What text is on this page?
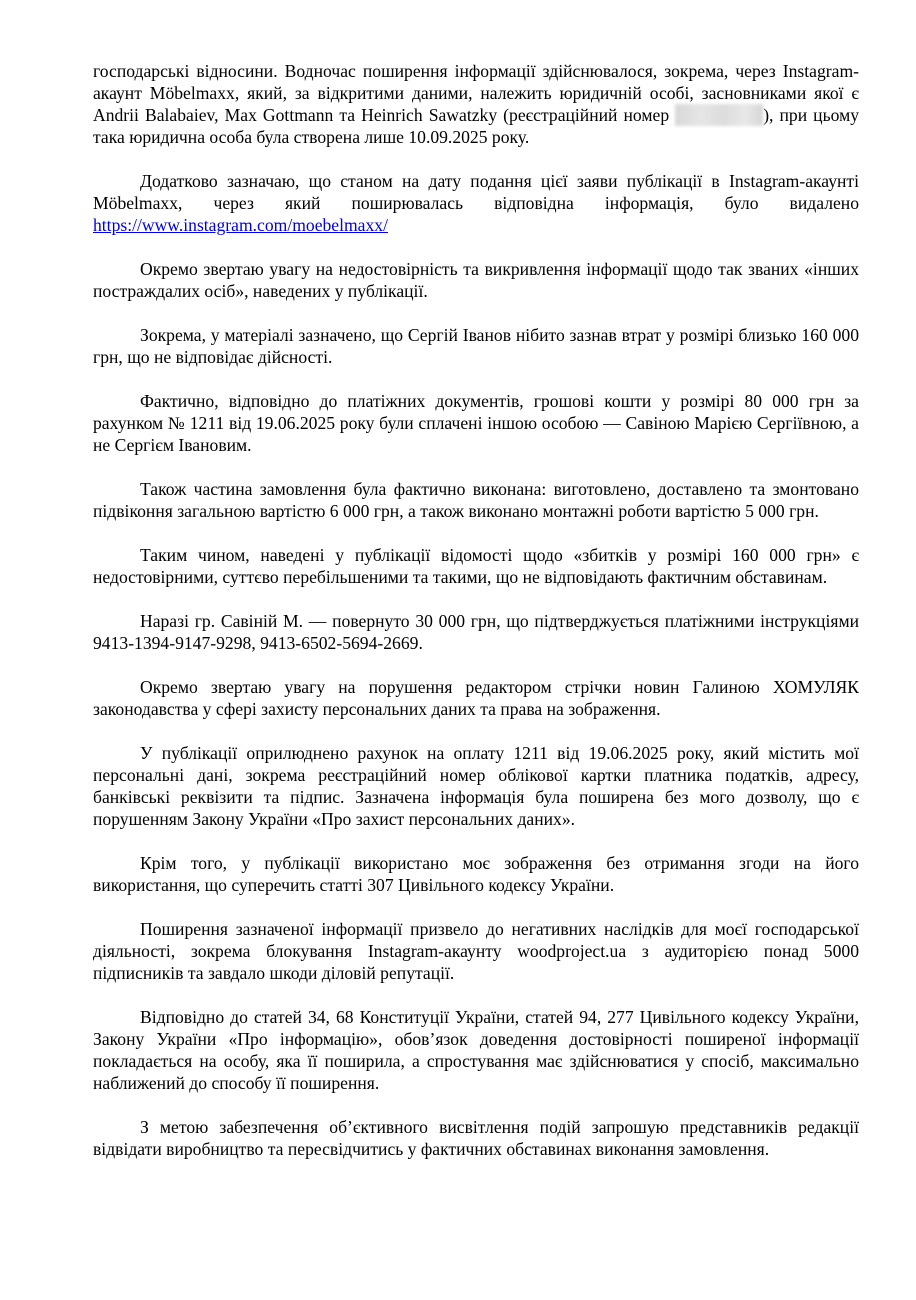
господарські відносини. Водночас поширення інформації здійснювалося, зокрема, через Instagram-акаунт Möbelmaxx, який, за відкритими даними, належить юридичній особі, засновниками якої є Andrii Balabaiev, Max Gottmann та Heinrich Sawatzky (реєстраційний номер	), при цьому така юридична особа була створена лише 10.09.2025 року.

Додатково зазначаю, що станом на дату подання цієї заяви публікації в Instagram-акаунті Möbelmaxx, через який поширювалась відповідна інформація, було видалено https://www.instagram.com/moebelmaxx/

Окремо звертаю увагу на недостовірність та викривлення інформації щодо так званих «інших постраждалих осіб», наведених у публікації.

Зокрема, у матеріалі зазначено, що Сергій Іванов нібито зазнав втрат у розмірі близько 160 000 грн, що не відповідає дійсності.

Фактично, відповідно до платіжних документів, грошові кошти у розмірі 80 000 грн за рахунком № 1211 від 19.06.2025 року були сплачені іншою особою — Савіною Марією Сергіївною, а не Сергієм Івановим.

Також частина замовлення була фактично виконана: виготовлено, доставлено та змонтовано підвіконня загальною вартістю 6 000 грн, а також виконано монтажні роботи вартістю 5 000 грн.

Таким чином, наведені у публікації відомості щодо «збитків у розмірі 160 000 грн» є недостовірними, суттєво перебільшеними та такими, що не відповідають фактичним обставинам.

Наразі гр. Савіній М. — повернуто 30 000 грн, що підтверджується платіжними інструкціями 9413-1394-9147-9298, 9413-6502-5694-2669.

Окремо звертаю увагу на порушення редактором стрічки новин Галиною ХОМУЛЯК законодавства у сфері захисту персональних даних та права на зображення.

У публікації оприлюднено рахунок на оплату 1211 від 19.06.2025 року, який містить мої персональні дані, зокрема реєстраційний номер облікової картки платника податків, адресу, банківські реквізити та підпис. Зазначена інформація була поширена без мого дозволу, що є порушенням Закону України «Про захист персональних даних».

Крім того, у публікації використано моє зображення без отримання згоди на його використання, що суперечить статті 307 Цивільного кодексу України.

Поширення зазначеної інформації призвело до негативних наслідків для моєї господарської діяльності, зокрема блокування Instagram-акаунту woodproject.ua з аудиторією понад 5000 підписників та завдало шкоди діловій репутації.

Відповідно до статей 34, 68 Конституції України, статей 94, 277 Цивільного кодексу України, Закону України «Про інформацію», обов’язок доведення достовірності поширеної інформації покладається на особу, яка її поширила, а спростування має здійснюватися у спосіб, максимально наближений до способу її поширення.

З метою забезпечення об’єктивного висвітлення подій запрошую представників редакції відвідати виробництво та пересвідчитись у фактичних обставинах виконання замовлення.
